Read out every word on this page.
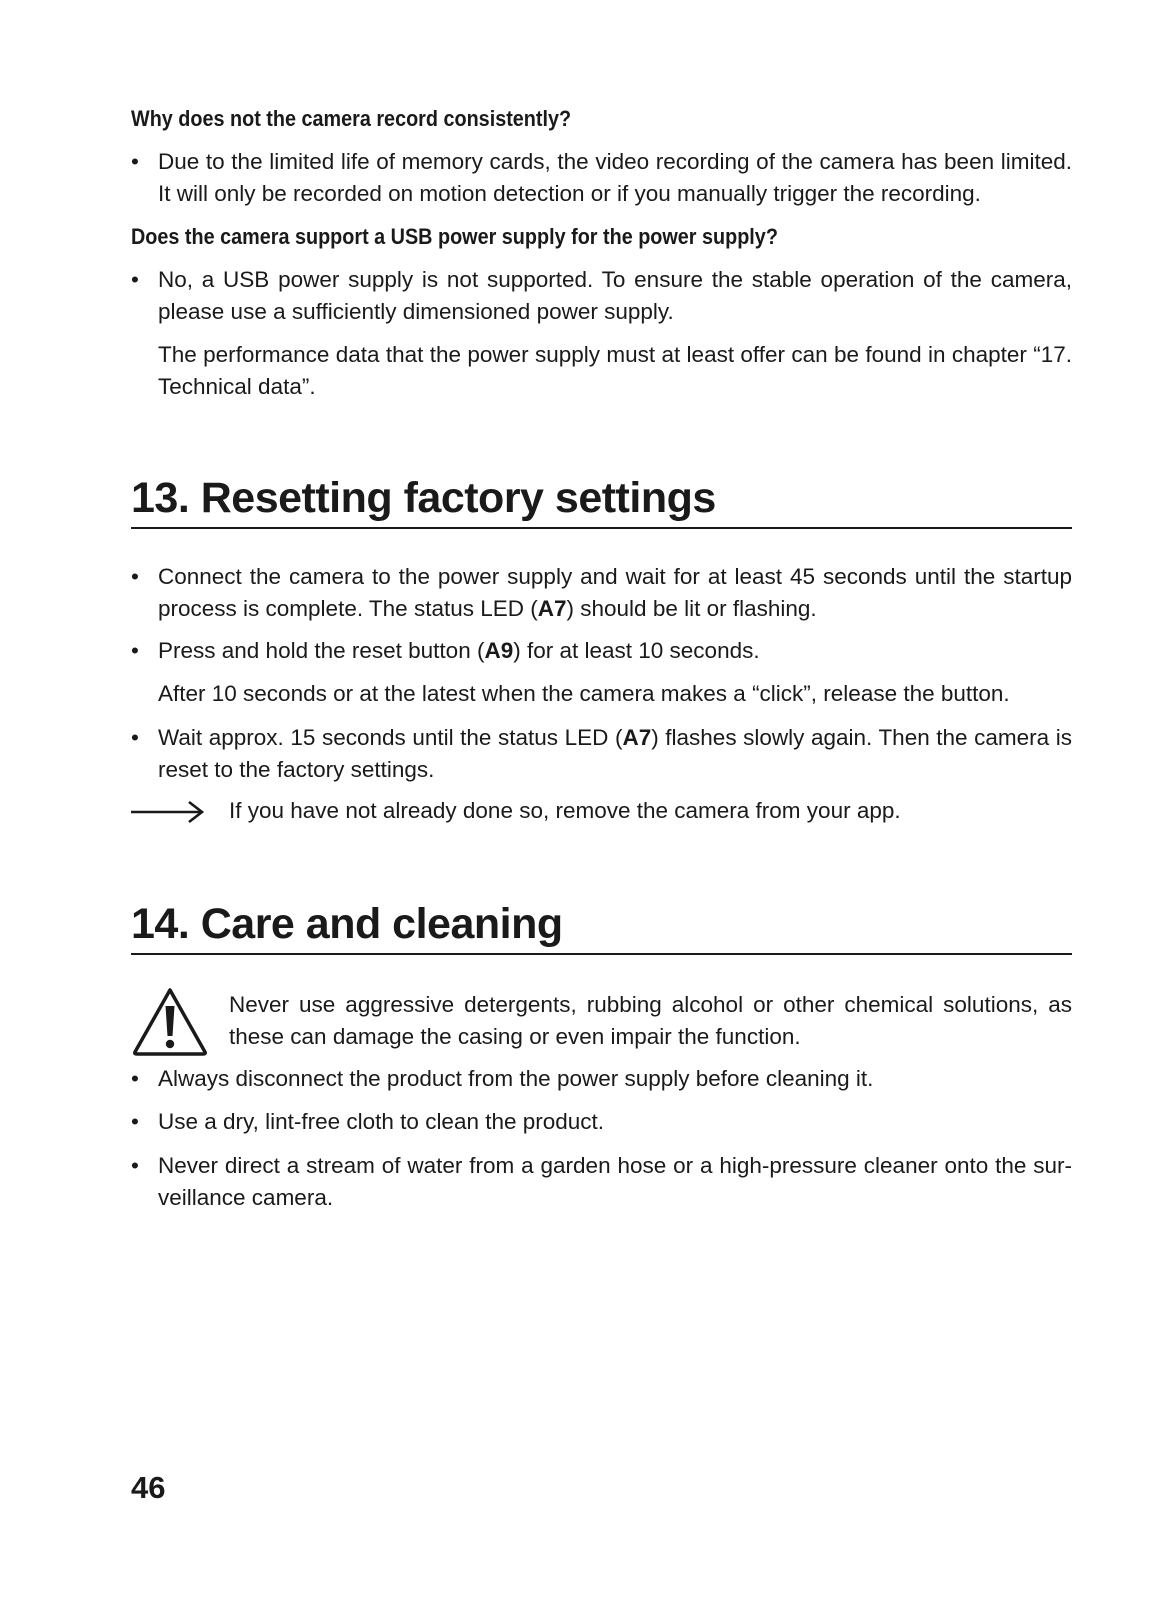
Why does not the camera record consistently?
• Due to the limited life of memory cards, the video recording of the camera has been limited. It will only be recorded on motion detection or if you manually trigger the recording.
Does the camera support a USB power supply for the power supply?
• No, a USB power supply is not supported. To ensure the stable operation of the camera, please use a sufficiently dimensioned power supply.
The performance data that the power supply must at least offer can be found in chapter “17. Technical data”.
13. Resetting factory settings
• Connect the camera to the power supply and wait for at least 45 seconds until the startup process is complete. The status LED (A7) should be lit or flashing.
• Press and hold the reset button (A9) for at least 10 seconds.
After 10 seconds or at the latest when the camera makes a “click”, release the button.
• Wait approx. 15 seconds until the status LED (A7) flashes slowly again. Then the camera is reset to the factory settings.
If you have not already done so, remove the camera from your app.
14. Care and cleaning
Never use aggressive detergents, rubbing alcohol or other chemical solutions, as these can damage the casing or even impair the function.
• Always disconnect the product from the power supply before cleaning it.
• Use a dry, lint-free cloth to clean the product.
• Never direct a stream of water from a garden hose or a high-pressure cleaner onto the sur-veillance camera.
46
